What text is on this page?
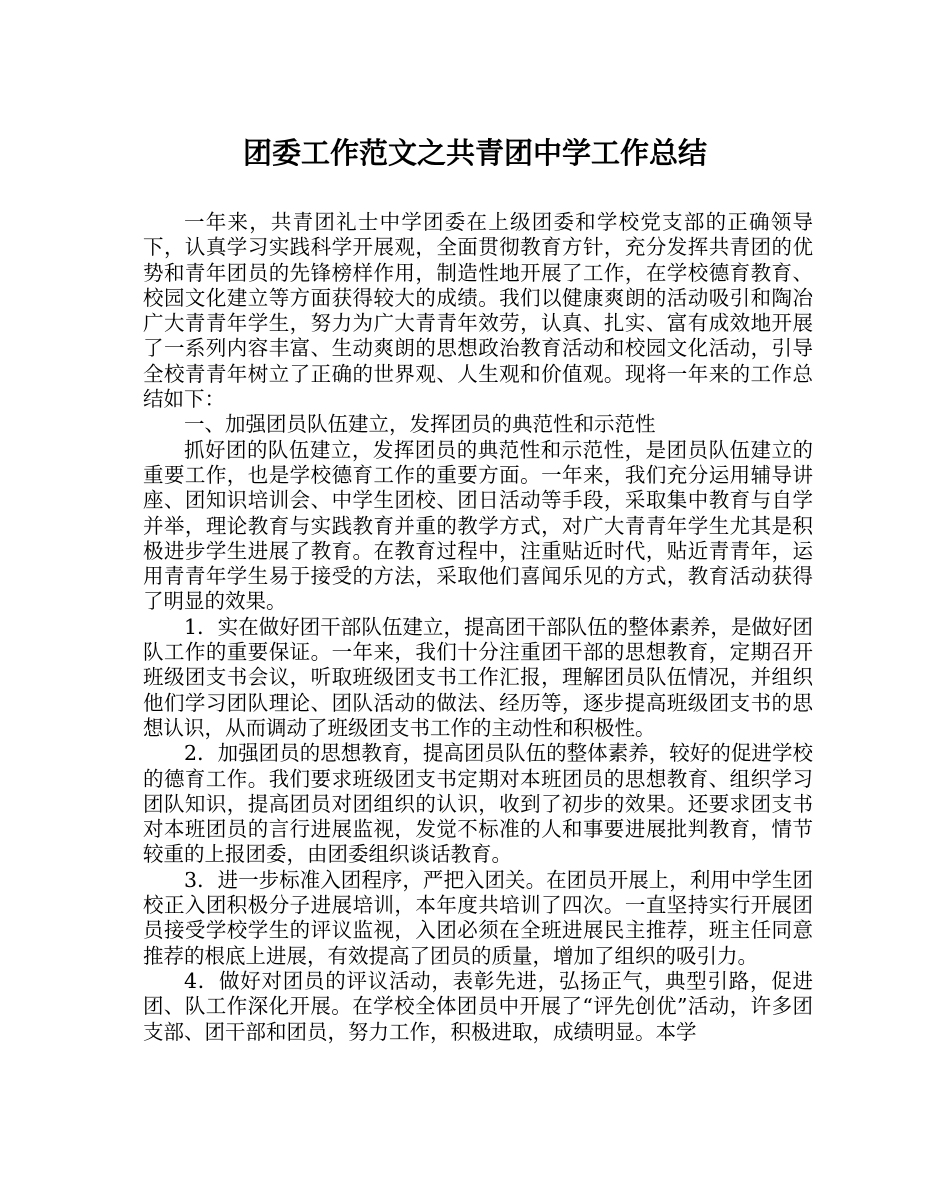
团委工作范文之共青团中学工作总结

一年来，共青团礼士中学团委在上级团委和学校党支部的正确领导下，认真学习实践科学开展观，全面贯彻教育方针，充分发挥共青团的优势和青年团员的先锋榜样作用，制造性地开展了工作，在学校德育教育、校园文化建立等方面获得较大的成绩。我们以健康爽朗的活动吸引和陶冶广大青青年学生，努力为广大青青年效劳，认真、扎实、富有成效地开展了一系列内容丰富、生动爽朗的思想政治教育活动和校园文化活动，引导全校青青年树立了正确的世界观、人生观和价值观。现将一年来的工作总结如下：

一、加强团员队伍建立，发挥团员的典范性和示范性

抓好团的队伍建立，发挥团员的典范性和示范性，是团员队伍建立的重要工作，也是学校德育工作的重要方面。一年来，我们充分运用辅导讲座、团知识培训会、中学生团校、团日活动等手段，采取集中教育与自学并举，理论教育与实践教育并重的教学方式，对广大青青年学生尤其是积极进步学生进展了教育。在教育过程中，注重贴近时代，贴近青青年，运用青青年学生易于接受的方法，采取他们喜闻乐见的方式，教育活动获得了明显的效果。

1．实在做好团干部队伍建立，提高团干部队伍的整体素养，是做好团队工作的重要保证。一年来，我们十分注重团干部的思想教育，定期召开班级团支书会议，听取班级团支书工作汇报，理解团员队伍情况，并组织他们学习团队理论、团队活动的做法、经历等，逐步提高班级团支书的思想认识，从而调动了班级团支书工作的主动性和积极性。

2．加强团员的思想教育，提高团员队伍的整体素养，较好的促进学校的德育工作。我们要求班级团支书定期对本班团员的思想教育、组织学习团队知识，提高团员对团组织的认识，收到了初步的效果。还要求团支书对本班团员的言行进展监视，发觉不标准的人和事要进展批判教育，情节较重的上报团委，由团委组织谈话教育。

3．进一步标准入团程序，严把入团关。在团员开展上，利用中学生团校正入团积极分子进展培训，本年度共培训了四次。一直坚持实行开展团员接受学校学生的评议监视，入团必须在全班进展民主推荐，班主任同意推荐的根底上进展，有效提高了团员的质量，增加了组织的吸引力。

4．做好对团员的评议活动，表彰先进，弘扬正气，典型引路，促进团、队工作深化开展。在学校全体团员中开展了“评先创优”活动，许多团支部、团干部和团员，努力工作，积极进取，成绩明显。本学
